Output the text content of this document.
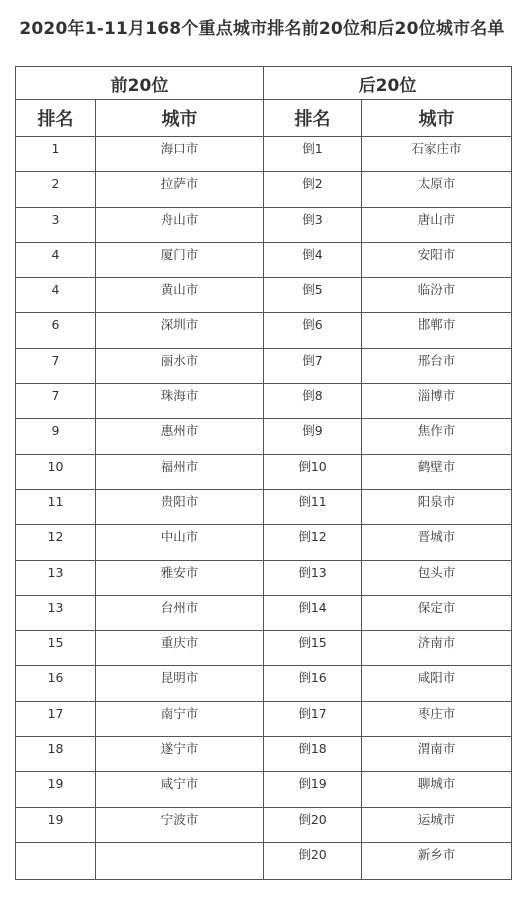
2020年1-11月168个重点城市排名前20位和后20位城市名单
前20位		后20位	
排名	城市	排名	城市
1	海口市	倒1	石家庄市
2	拉萨市	倒2	太原市
3	舟山市	倒3	唐山市
4	厦门市	倒4	安阳市
4	黄山市	倒5	临汾市
6	深圳市	倒6	邯郸市
7	丽水市	倒7	邢台市
7	珠海市	倒8	淄博市
9	惠州市	倒9	焦作市
10	福州市	倒10	鹤壁市
11	贵阳市	倒11	阳泉市
12	中山市	倒12	晋城市
13	雅安市	倒13	包头市
13	台州市	倒14	保定市
15	重庆市	倒15	济南市
16	昆明市	倒16	咸阳市
17	南宁市	倒17	枣庄市
18	遂宁市	倒18	渭南市
19	咸宁市	倒19	聊城市
19	宁波市	倒20	运城市
		倒20	新乡市
